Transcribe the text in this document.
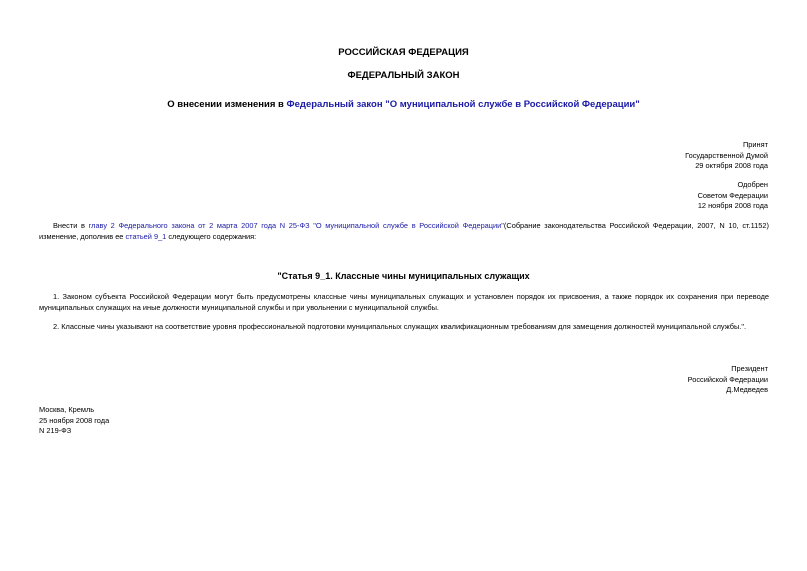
РОССИЙСКАЯ ФЕДЕРАЦИЯ
ФЕДЕРАЛЬНЫЙ ЗАКОН
О внесении изменения в Федеральный закон "О муниципальной службе в Российской Федерации"
Принят
Государственной Думой
29 октября 2008 года
Одобрен
Советом Федерации
12 ноября 2008 года
Внести в главу 2 Федерального закона от 2 марта 2007 года N 25-ФЗ "О муниципальной службе в Российской Федерации"(Собрание законодательства Российской Федерации, 2007, N 10, ст.1152) изменение, дополнив ее статьей 9_1 следующего содержания:
"Статья 9_1. Классные чины муниципальных служащих
1. Законом субъекта Российской Федерации могут быть предусмотрены классные чины муниципальных служащих и установлен порядок их присвоения, а также порядок их сохранения при переводе муниципальных служащих на иные должности муниципальной службы и при увольнении с муниципальной службы.
2. Классные чины указывают на соответствие уровня профессиональной подготовки муниципальных служащих квалификационным требованиям для замещения должностей муниципальной службы.".
Президент
Российской Федерации
Д.Медведев
Москва, Кремль
25 ноября 2008 года
N 219-ФЗ
